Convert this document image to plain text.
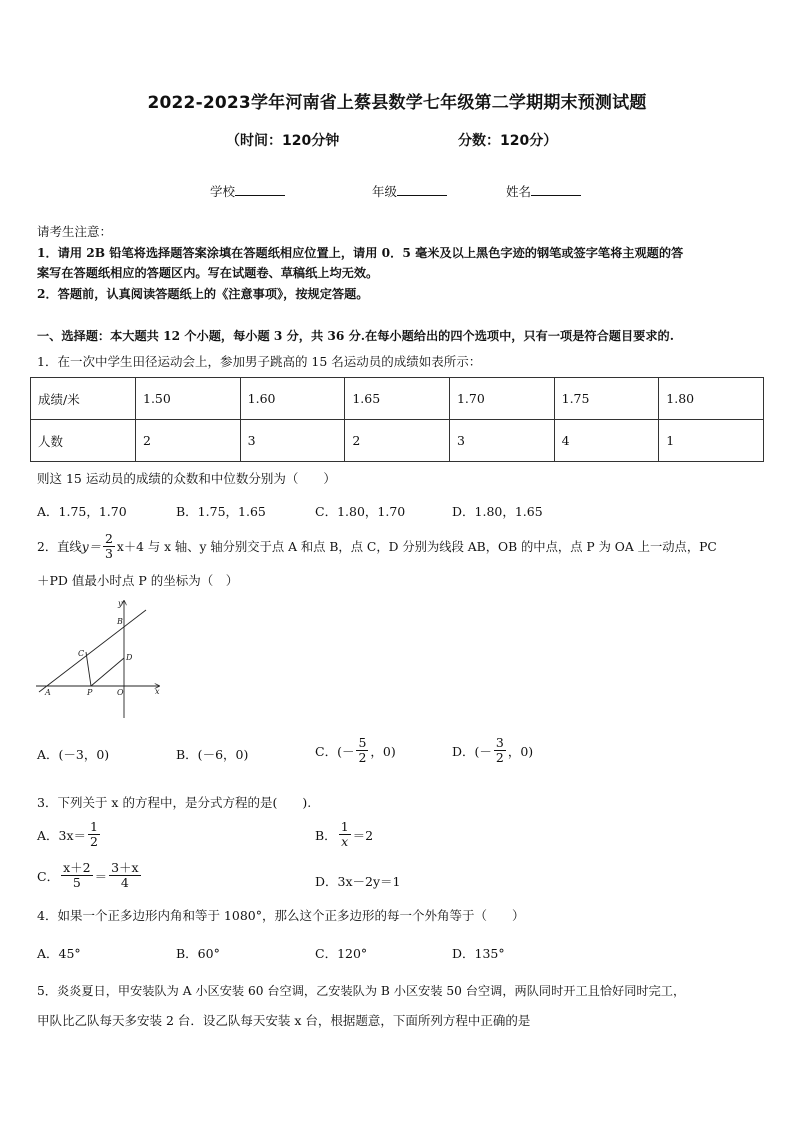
2022-2023学年河南省上蔡县数学七年级第二学期期末预测试题
（时间：120分钟	分数：120分）
学校	年级	姓名
请考生注意：
1．请用 2B 铅笔将选择题答案涂填在答题纸相应位置上，请用 0．5 毫米及以上黑色字迹的钢笔或签字笔将主观题的答
案写在答题纸相应的答题区内。写在试题卷、草稿纸上均无效。
2．答题前，认真阅读答题纸上的《注意事项》，按规定答题。
一、选择题：本大题共 12 个小题，每小题 3 分，共 36 分.在每小题给出的四个选项中，只有一项是符合题目要求的.
1．在一次中学生田径运动会上，参加男子跳高的 15 名运动员的成绩如表所示：
成绩/米	1.50	1.60	1.65	1.70	1.75	1.80
人数	2	3	2	3	4	1
则这 15 运动员的成绩的众数和中位数分别为（　　）
A．1.75，1.70	B．1.75，1.65	C．1.80，1.70	D．1.80，1.65
2．直线 $y= \frac{2}{3} x+4$ 与 x 轴、y 轴分别交于点 A 和点 B，点 C，D 分别为线段 AB，OB 的中点，点 P 为 OA 上一动点，PC
＋PD 值最小时点 P 的坐标为（　）
y
x
B
C	D
A	P	O
A．(－3，0)	B．(－6，0)	C．(－ $\frac{5}{2}$ ，0)	D．(－ $\frac{3}{2}$ ，0)
3．下列关于 x 的方程中，是分式方程的是(　　).
A．$3x= \frac{1}{2}$	B． $\frac{1}{x} =2$
C． $\frac{x+2}{5} = \frac{3+x}{4}$	D．3x－2y＝1
4．如果一个正多边形内角和等于 1080°，那么这个正多边形的每一个外角等于（　　）
A．45°	B．60°	C．120°	D．135°
5．炎炎夏日，甲安装队为 A 小区安装 60 台空调，乙安装队为 B 小区安装 50 台空调，两队同时开工且恰好同时完工，
甲队比乙队每天多安装 2 台．设乙队每天安装 x 台，根据题意，下面所列方程中正确的是
